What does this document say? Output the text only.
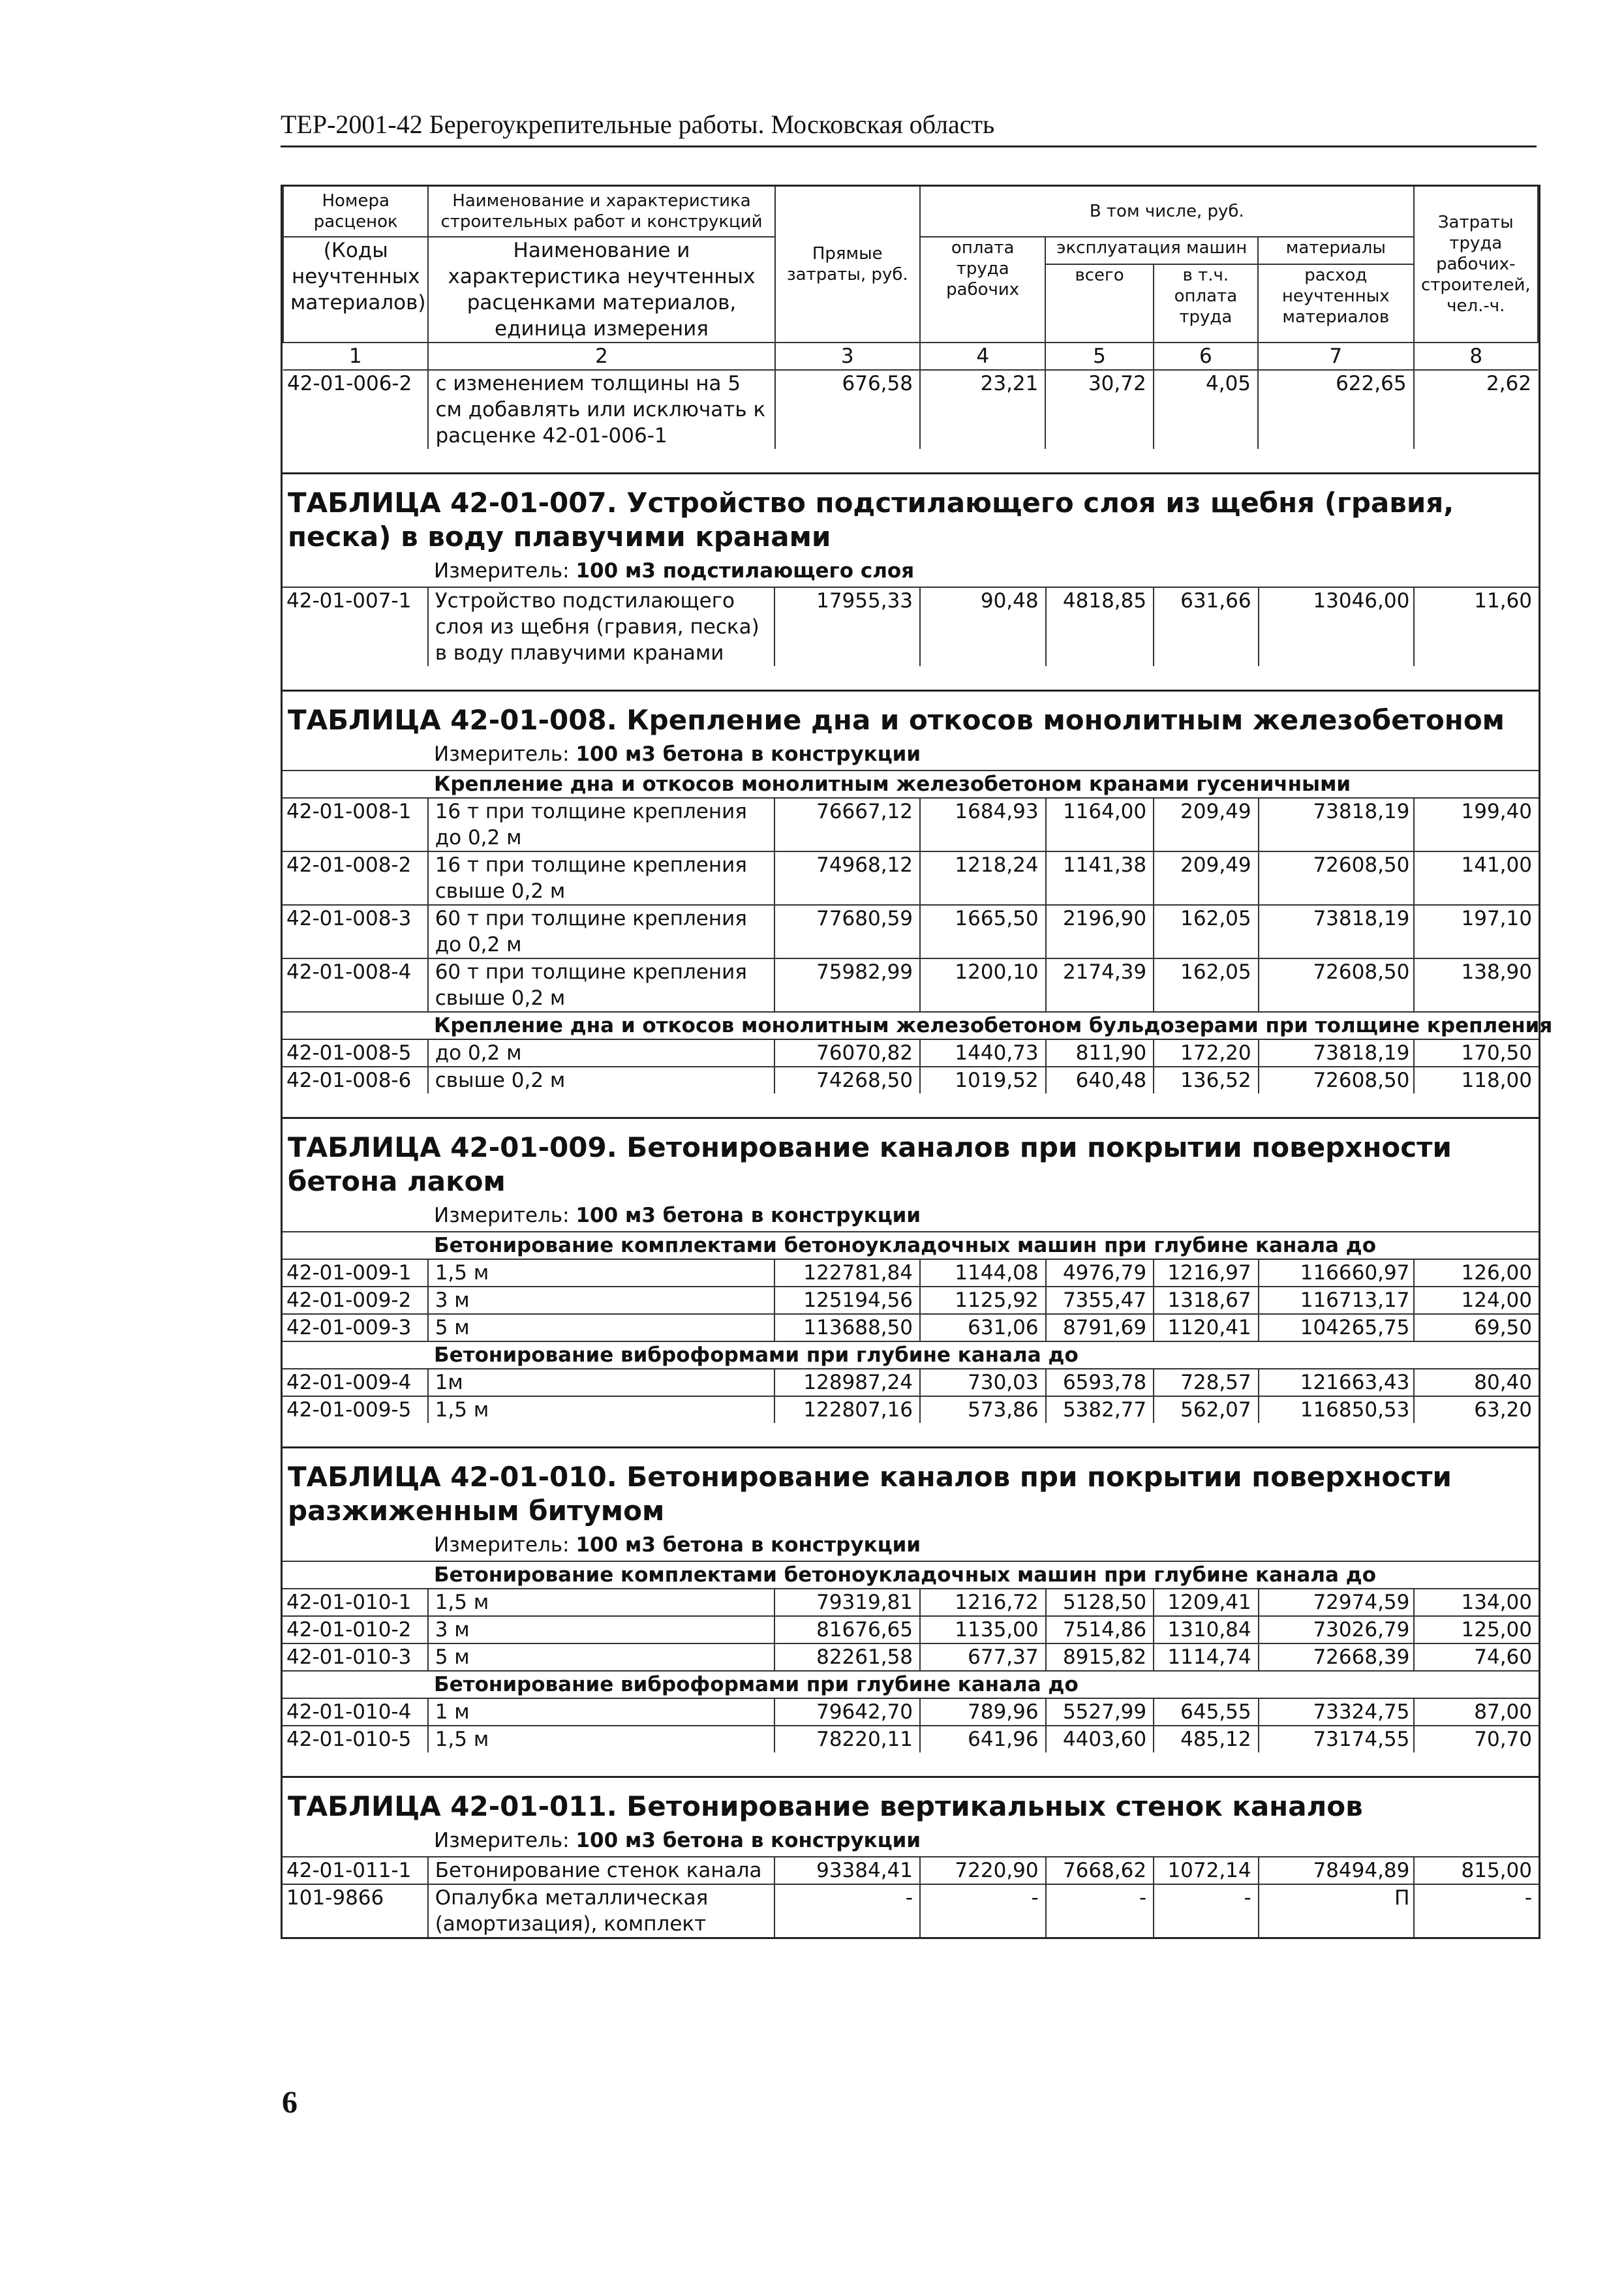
ТЕР-2001-42 Берегоукрепительные работы. Московская область
Номера расценок	Наименование и характеристика строительных работ и конструкций	Прямые затраты, руб.	В том числе, руб.				Затраты труда рабочих-строителей, чел.-ч.
(Коды неучтенных материалов)	Наименование и характеристика неучтенных расценками материалов, единица измерения		оплата труда рабочих	эксплуатация машин		материалы	
				всего	в т.ч. оплата труда	расход неучтенных материалов	
1	2	3	4	5	6	7	8
42-01-006-2	с изменением толщины на 5 см добавлять или исключать к расценке 42-01-006-1	676,58	23,21	30,72	4,05	622,65	2,62

ТАБЛИЦА 42-01-007. Устройство подстилающего слоя из щебня (гравия, песка) в воду плавучими кранами
Измеритель: 100 м3 подстилающего слоя
42-01-007-1	Устройство подстилающего слоя из щебня (гравия, песка) в воду плавучими кранами	17955,33	90,48	4818,85	631,66	13046,00	11,60

ТАБЛИЦА 42-01-008. Крепление дна и откосов монолитным железобетоном
Измеритель: 100 м3 бетона в конструкции							
Крепление дна и откосов монолитным железобетоном кранами гусеничными							
42-01-008-1	16 т при толщине крепления до 0,2 м	76667,12	1684,93	1164,00	209,49	73818,19	199,40
42-01-008-2	16 т при толщине крепления свыше 0,2 м	74968,12	1218,24	1141,38	209,49	72608,50	141,00
42-01-008-3	60 т при толщине крепления до 0,2 м	77680,59	1665,50	2196,90	162,05	73818,19	197,10
42-01-008-4	60 т при толщине крепления свыше 0,2 м	75982,99	1200,10	2174,39	162,05	72608,50	138,90
Крепление дна и откосов монолитным железобетоном бульдозерами при толщине крепления							
42-01-008-5	до 0,2 м	76070,82	1440,73	811,90	172,20	73818,19	170,50
42-01-008-6	свыше 0,2 м	74268,50	1019,52	640,48	136,52	72608,50	118,00

ТАБЛИЦА 42-01-009. Бетонирование каналов при покрытии поверхности бетона лаком
Измеритель: 100 м3 бетона в конструкции							
Бетонирование комплектами бетоноукладочных машин при глубине канала до							
42-01-009-1	1,5 м	122781,84	1144,08	4976,79	1216,97	116660,97	126,00
42-01-009-2	3 м	125194,56	1125,92	7355,47	1318,67	116713,17	124,00
42-01-009-3	5 м	113688,50	631,06	8791,69	1120,41	104265,75	69,50
Бетонирование виброформами при глубине канала до							
42-01-009-4	1м	128987,24	730,03	6593,78	728,57	121663,43	80,40
42-01-009-5	1,5 м	122807,16	573,86	5382,77	562,07	116850,53	63,20

ТАБЛИЦА 42-01-010. Бетонирование каналов при покрытии поверхности разжиженным битумом
Измеритель: 100 м3 бетона в конструкции							
Бетонирование комплектами бетоноукладочных машин при глубине канала до							
42-01-010-1	1,5 м	79319,81	1216,72	5128,50	1209,41	72974,59	134,00
42-01-010-2	3 м	81676,65	1135,00	7514,86	1310,84	73026,79	125,00
42-01-010-3	5 м	82261,58	677,37	8915,82	1114,74	72668,39	74,60
Бетонирование виброформами при глубине канала до							
42-01-010-4	1 м	79642,70	789,96	5527,99	645,55	73324,75	87,00
42-01-010-5	1,5 м	78220,11	641,96	4403,60	485,12	73174,55	70,70

ТАБЛИЦА 42-01-011. Бетонирование вертикальных стенок каналов
Измеритель: 100 м3 бетона в конструкции							
42-01-011-1	Бетонирование стенок канала	93384,41	7220,90	7668,62	1072,14	78494,89	815,00
101-9866	Опалубка металлическая (амортизация), комплект	-	-	-	-	П	-
6
